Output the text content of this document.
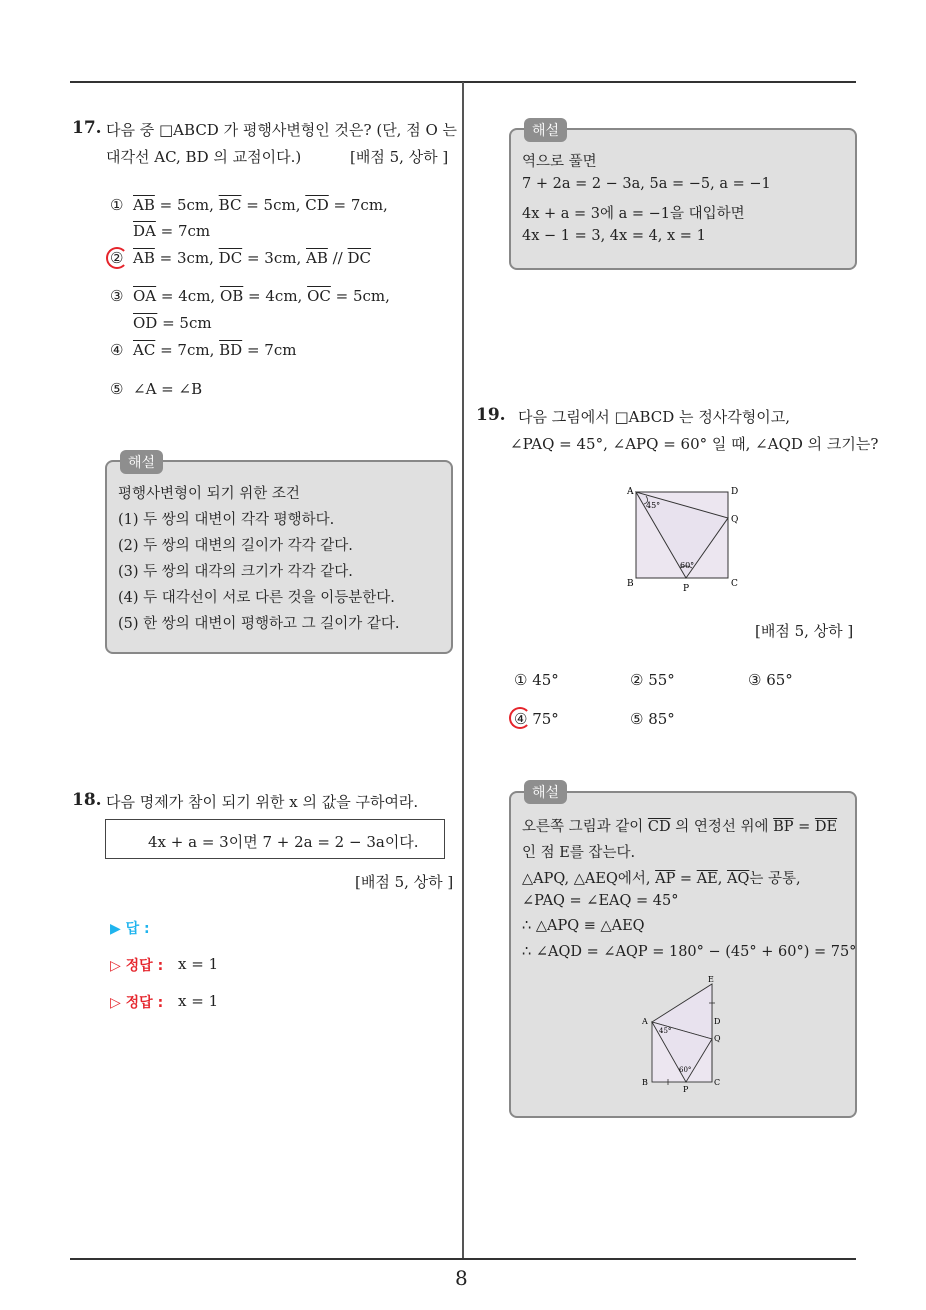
8
17. 다음 중 □ABCD 가 평행사변형인 것은? (단, 점 O 는
대각선 AC, BD 의 교점이다.)	[배점 5, 상하 ]
① $\overline{AB} = 5cm$, $\overline{BC} = 5cm$, $\overline{CD} = 7cm$,
$\overline{DA} = 7cm$
② $\overline{AB} = 3cm$, $\overline{DC} = 3cm$, $\overline{AB} // \overline{DC}$
③ $\overline{OA} = 4cm$, $\overline{OB} = 4cm$, $\overline{OC} = 5cm$,
$\overline{OD} = 5cm$
④ $\overline{AC} = 7cm$, $\overline{BD} = 7cm$
⑤ ∠A = ∠B
해설
평행사변형이 되기 위한 조건
(1) 두 쌍의 대변이 각각 평행하다.
(2) 두 쌍의 대변의 길이가 각각 같다.
(3) 두 쌍의 대각의 크기가 각각 같다.
(4) 두 대각선이 서로 다른 것을 이등분한다.
(5) 한 쌍의 대변이 평행하고 그 길이가 같다.
18. 다음 명제가 참이 되기 위한 x 의 값을 구하여라.
4x + a = 3이면 7 + 2a = 2 − 3a이다.
[배점 5, 상하 ]
▶ 답 :
▷ 정답 : x = 1
▷ 정답 : x = 1
해설
역으로 풀면
7 + 2a = 2 − 3a, 5a = −5, a = −1
4x + a = 3에 a = −1을 대입하면
4x − 1 = 3, 4x = 4, x = 1
19. 다음 그림에서 □ABCD 는 정사각형이고,
∠PAQ = 45°, ∠APQ = 60° 일 때, ∠AQD 의 크기는?
A	D
Q
B	C
P
45°
60°
[배점 5, 상하 ]
① 45°	② 55°	③ 65°
④ 75°	⑤ 85°
해설
오른쪽 그림과 같이 $\overline{CD}$ 의 연정선 위에 $\overline{BP} = \overline{DE}$
인 점 E를 잡는다.
△APQ, △AEQ에서, $\overline{AP} = \overline{AE}$, $\overline{AQ}$는 공통,
∠PAQ = ∠EAQ = 45°
∴ △APQ ≡ △AEQ
∴ ∠AQD = ∠AQP = 180° − (45° + 60°) = 75°
A
E
D
Q
B	C
P
45°
60°
